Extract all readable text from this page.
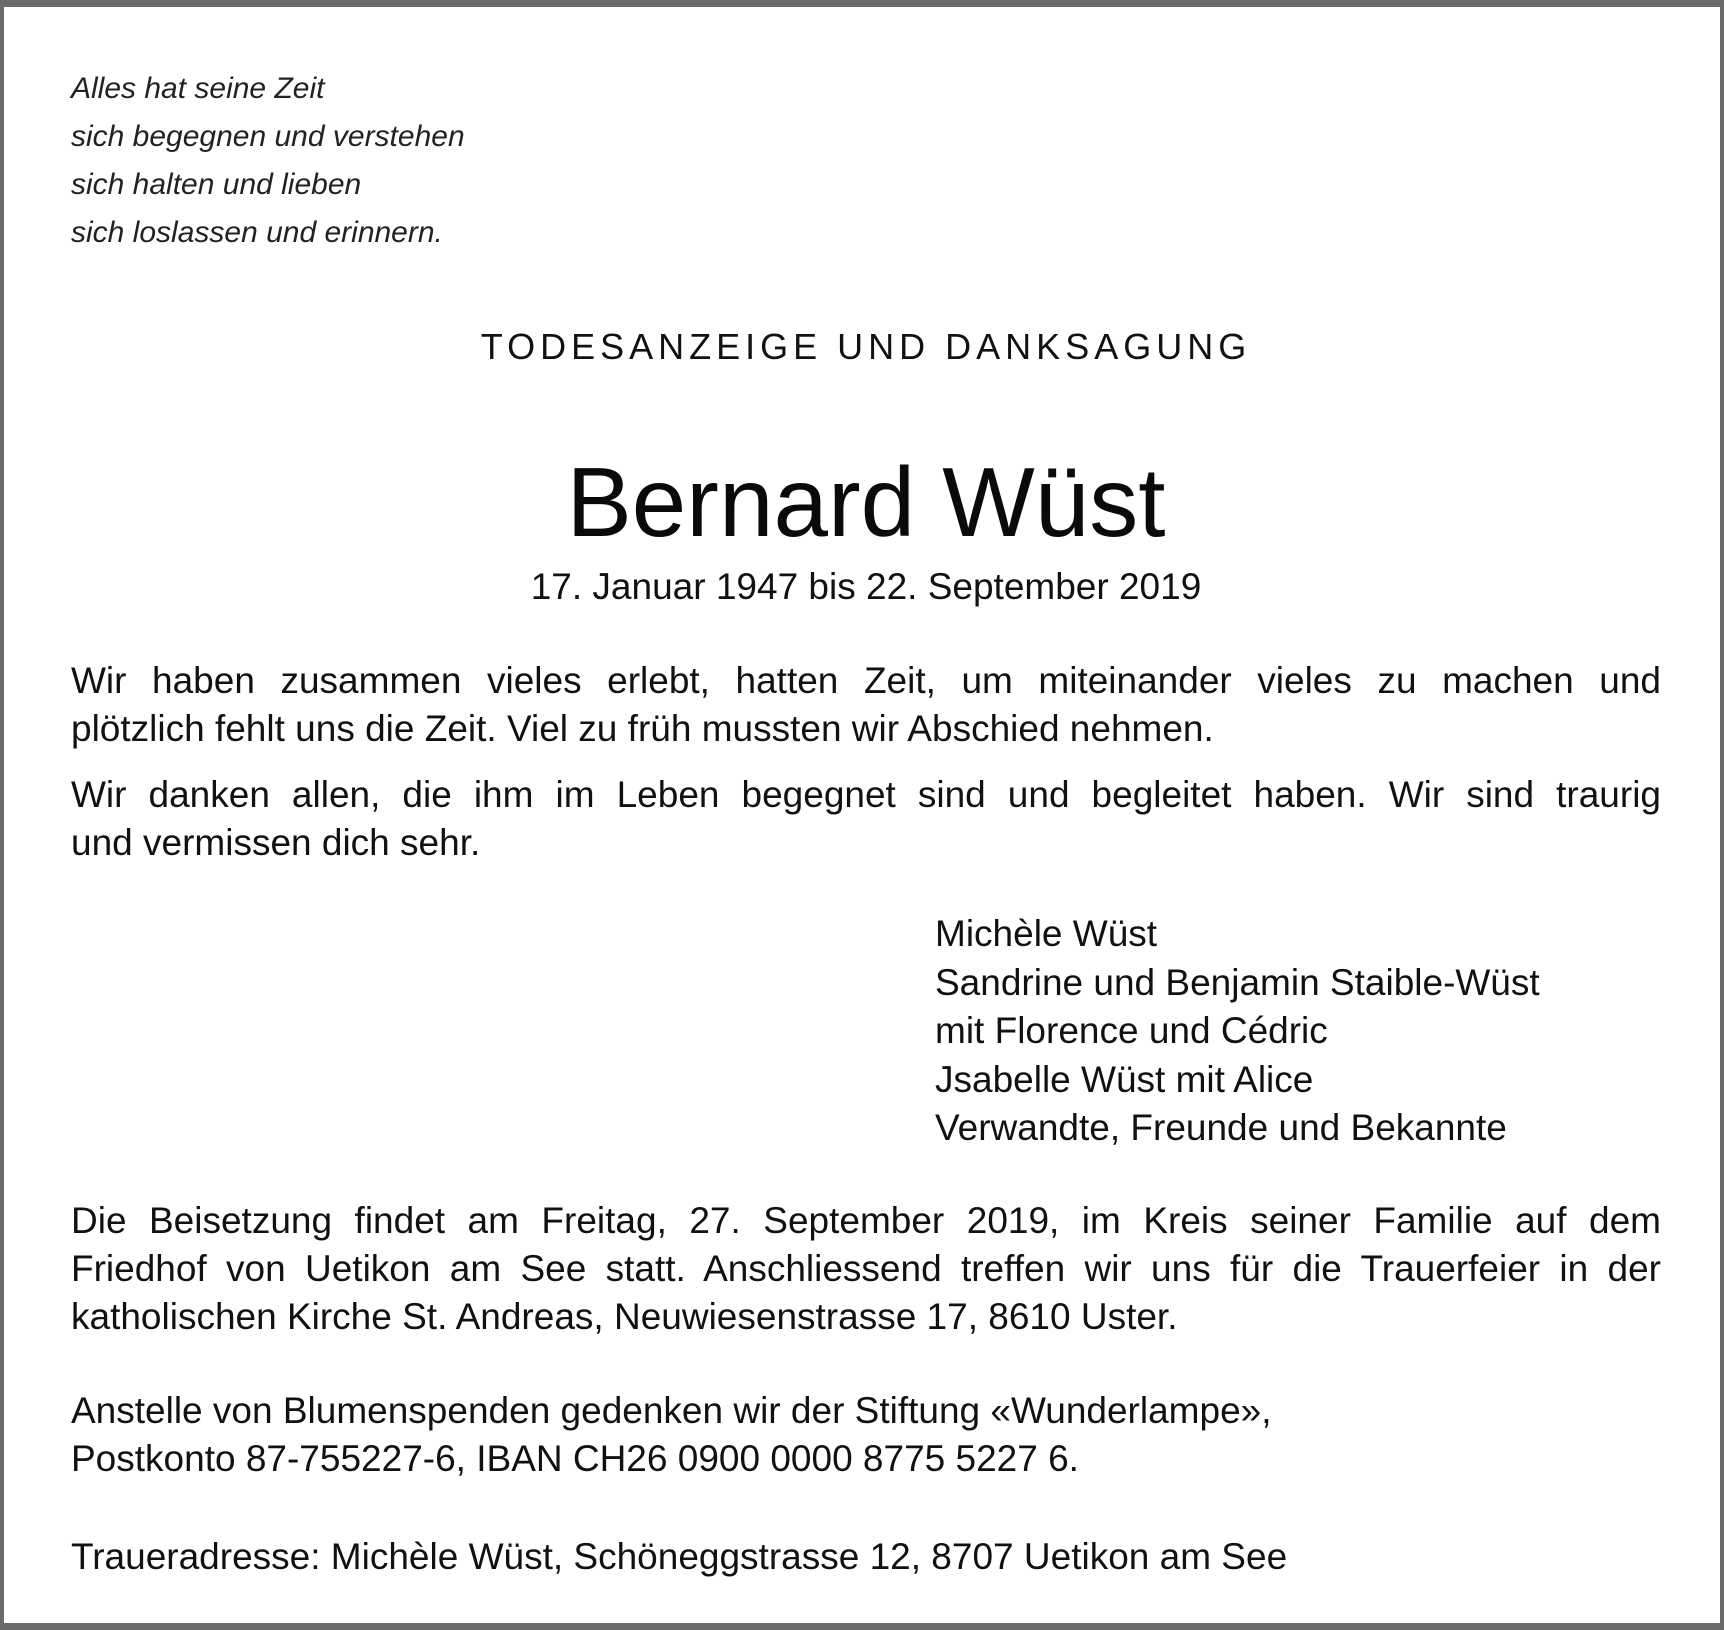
Alles hat seine Zeit
sich begegnen und verstehen
sich halten und lieben
sich loslassen und erinnern.
TODESANZEIGE UND DANKSAGUNG
Bernard Wüst
17. Januar 1947 bis 22. September 2019
Wir haben zusammen vieles erlebt, hatten Zeit, um miteinander vieles zu machen und
plötzlich fehlt uns die Zeit. Viel zu früh mussten wir Abschied nehmen.
Wir danken allen, die ihm im Leben begegnet sind und begleitet haben. Wir sind traurig
und vermissen dich sehr.
Michèle Wüst
Sandrine und Benjamin Staible-Wüst
mit Florence und Cédric
Jsabelle Wüst mit Alice
Verwandte, Freunde und Bekannte
Die Beisetzung findet am Freitag, 27. September 2019, im Kreis seiner Familie auf dem
Friedhof von Uetikon am See statt. Anschliessend treffen wir uns für die Trauerfeier in der
katholischen Kirche St. Andreas, Neuwiesenstrasse 17, 8610 Uster.
Anstelle von Blumenspenden gedenken wir der Stiftung «Wunderlampe»,
Postkonto 87-755227-6, IBAN CH26 0900 0000 8775 5227 6.
Traueradresse: Michèle Wüst, Schöneggstrasse 12, 8707 Uetikon am See
